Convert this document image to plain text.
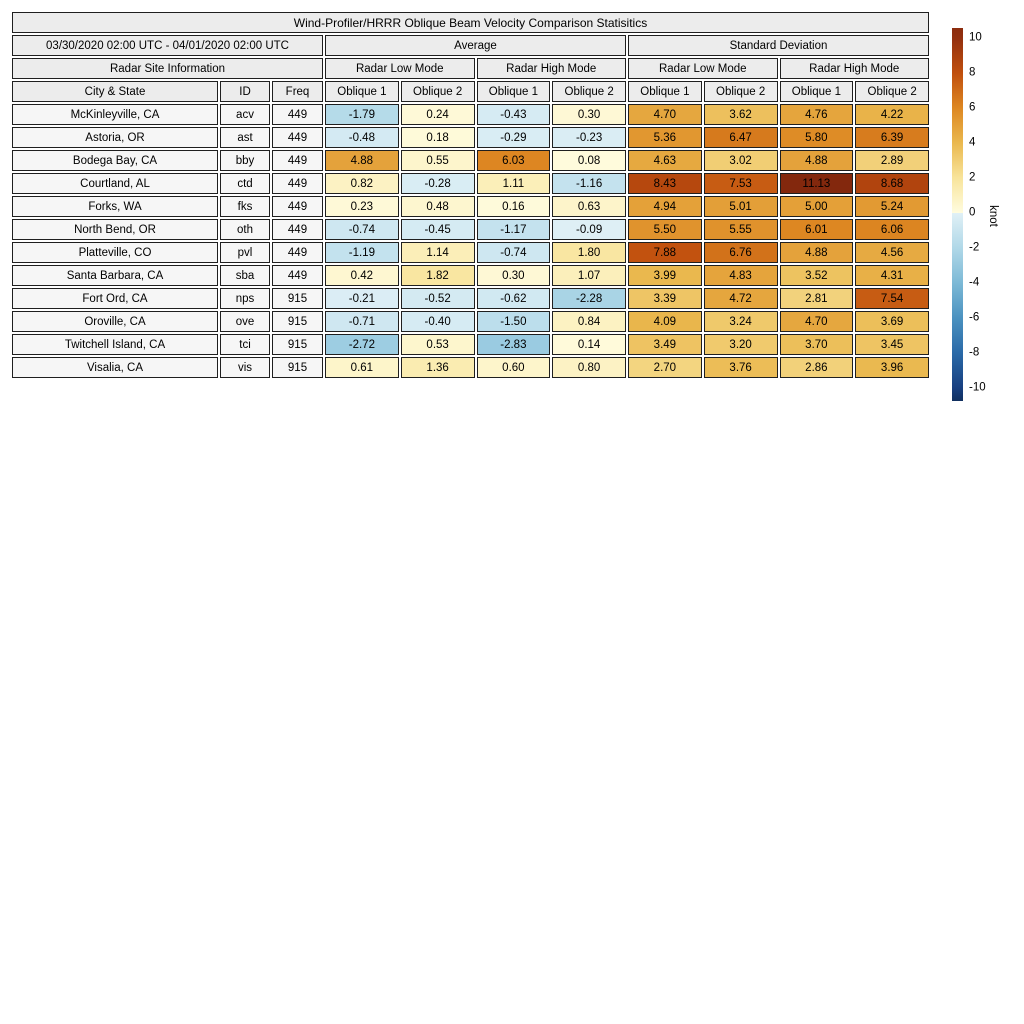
Wind-Profiler/HRRR Oblique Beam Velocity Comparison Statisitics										
03/30/2020 02:00 UTC - 04/01/2020 02:00 UTC			Average				Standard Deviation			
Radar Site Information			Radar Low Mode		Radar High Mode		Radar Low Mode		Radar High Mode	
City & State	ID	Freq	Oblique 1	Oblique 2	Oblique 1	Oblique 2	Oblique 1	Oblique 2	Oblique 1	Oblique 2
McKinleyville, CA	acv	449	-1.79	0.24	-0.43	0.30	4.70	3.62	4.76	4.22
Astoria, OR	ast	449	-0.48	0.18	-0.29	-0.23	5.36	6.47	5.80	6.39
Bodega Bay, CA	bby	449	4.88	0.55	6.03	0.08	4.63	3.02	4.88	2.89
Courtland, AL	ctd	449	0.82	-0.28	1.11	-1.16	8.43	7.53	11.13	8.68
Forks, WA	fks	449	0.23	0.48	0.16	0.63	4.94	5.01	5.00	5.24
North Bend, OR	oth	449	-0.74	-0.45	-1.17	-0.09	5.50	5.55	6.01	6.06
Platteville, CO	pvl	449	-1.19	1.14	-0.74	1.80	7.88	6.76	4.88	4.56
Santa Barbara, CA	sba	449	0.42	1.82	0.30	1.07	3.99	4.83	3.52	4.31
Fort Ord, CA	nps	915	-0.21	-0.52	-0.62	-2.28	3.39	4.72	2.81	7.54
Oroville, CA	ove	915	-0.71	-0.40	-1.50	0.84	4.09	3.24	4.70	3.69
Twitchell Island, CA	tci	915	-2.72	0.53	-2.83	0.14	3.49	3.20	3.70	3.45
Visalia, CA	vis	915	0.61	1.36	0.60	0.80	2.70	3.76	2.86	3.96
knot
10
8
6
4
2
0
-2
-4
-6
-8
-10
